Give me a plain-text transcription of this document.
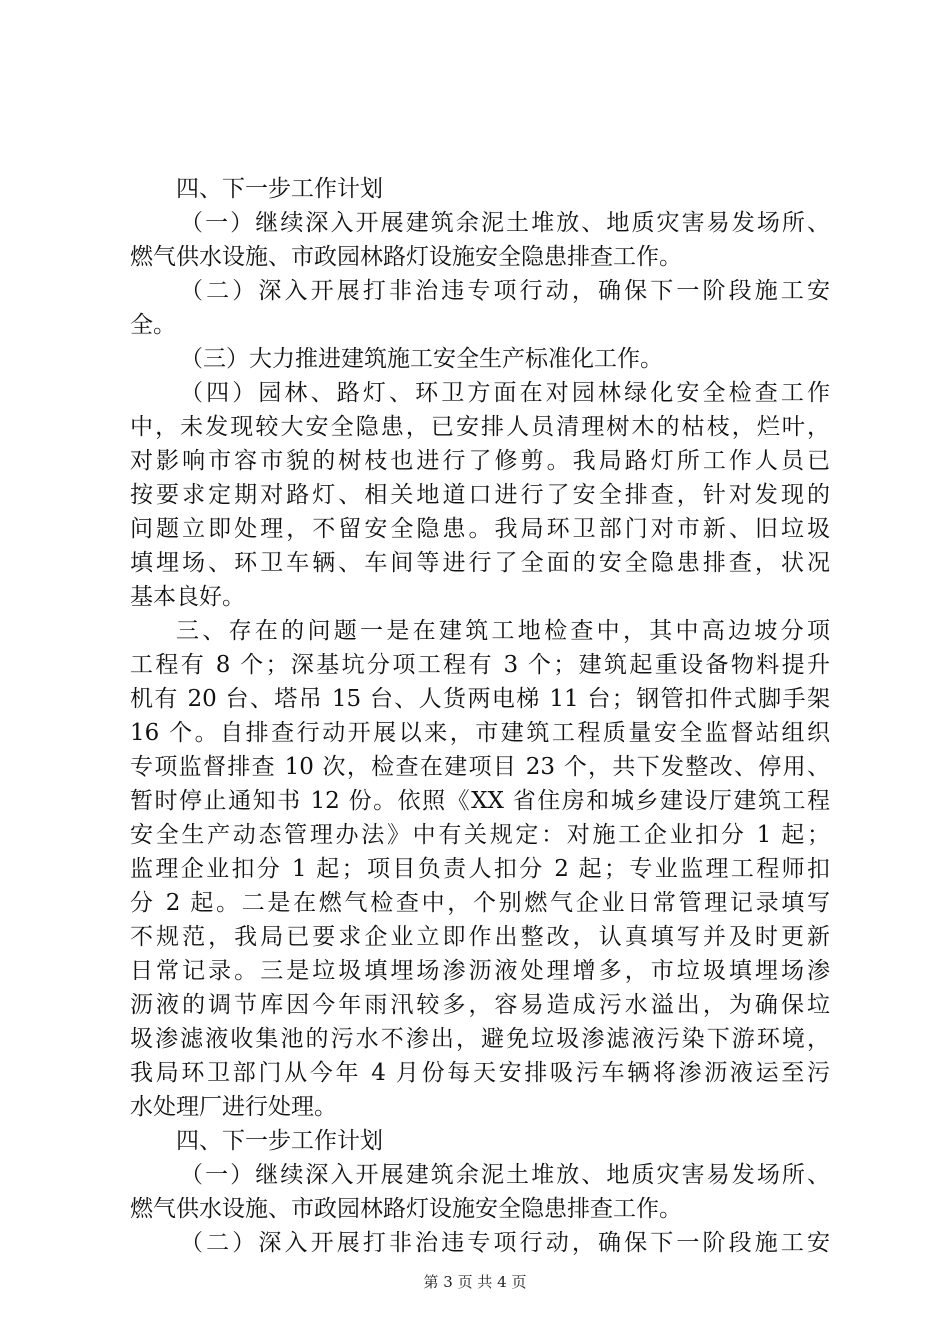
四、下一步工作计划
（一）继续深入开展建筑余泥土堆放、地质灾害易发场所、
燃气供水设施、市政园林路灯设施安全隐患排查工作。
（二）深入开展打非治违专项行动，确保下一阶段施工安
全。
（三）大力推进建筑施工安全生产标准化工作。
（四）园林、路灯、环卫方面在对园林绿化安全检查工作
中，未发现较大安全隐患，已安排人员清理树木的枯枝，烂叶，
对影响市容市貌的树枝也进行了修剪。我局路灯所工作人员已
按要求定期对路灯、相关地道口进行了安全排查，针对发现的
问题立即处理，不留安全隐患。我局环卫部门对市新、旧垃圾
填埋场、环卫车辆、车间等进行了全面的安全隐患排查，状况
基本良好。
三、存在的问题一是在建筑工地检查中，其中高边坡分项
工程有 8 个；深基坑分项工程有 3 个；建筑起重设备物料提升
机有 20 台、塔吊 15 台、人货两电梯 11 台；钢管扣件式脚手架
16 个。自排查行动开展以来，市建筑工程质量安全监督站组织
专项监督排查 10 次，检查在建项目 23 个，共下发整改、停用、
暂时停止通知书 12 份。依照《XX 省住房和城乡建设厅建筑工程
安全生产动态管理办法》中有关规定：对施工企业扣分 1 起；
监理企业扣分 1 起；项目负责人扣分 2 起；专业监理工程师扣
分 2 起。二是在燃气检查中，个别燃气企业日常管理记录填写
不规范，我局已要求企业立即作出整改，认真填写并及时更新
日常记录。三是垃圾填埋场渗沥液处理增多，市垃圾填埋场渗
沥液的调节库因今年雨汛较多，容易造成污水溢出，为确保垃
圾渗滤液收集池的污水不渗出，避免垃圾渗滤液污染下游环境，
我局环卫部门从今年 4 月份每天安排吸污车辆将渗沥液运至污
水处理厂进行处理。
四、下一步工作计划
（一）继续深入开展建筑余泥土堆放、地质灾害易发场所、
燃气供水设施、市政园林路灯设施安全隐患排查工作。
（二）深入开展打非治违专项行动，确保下一阶段施工安
第 3 页 共 4 页
